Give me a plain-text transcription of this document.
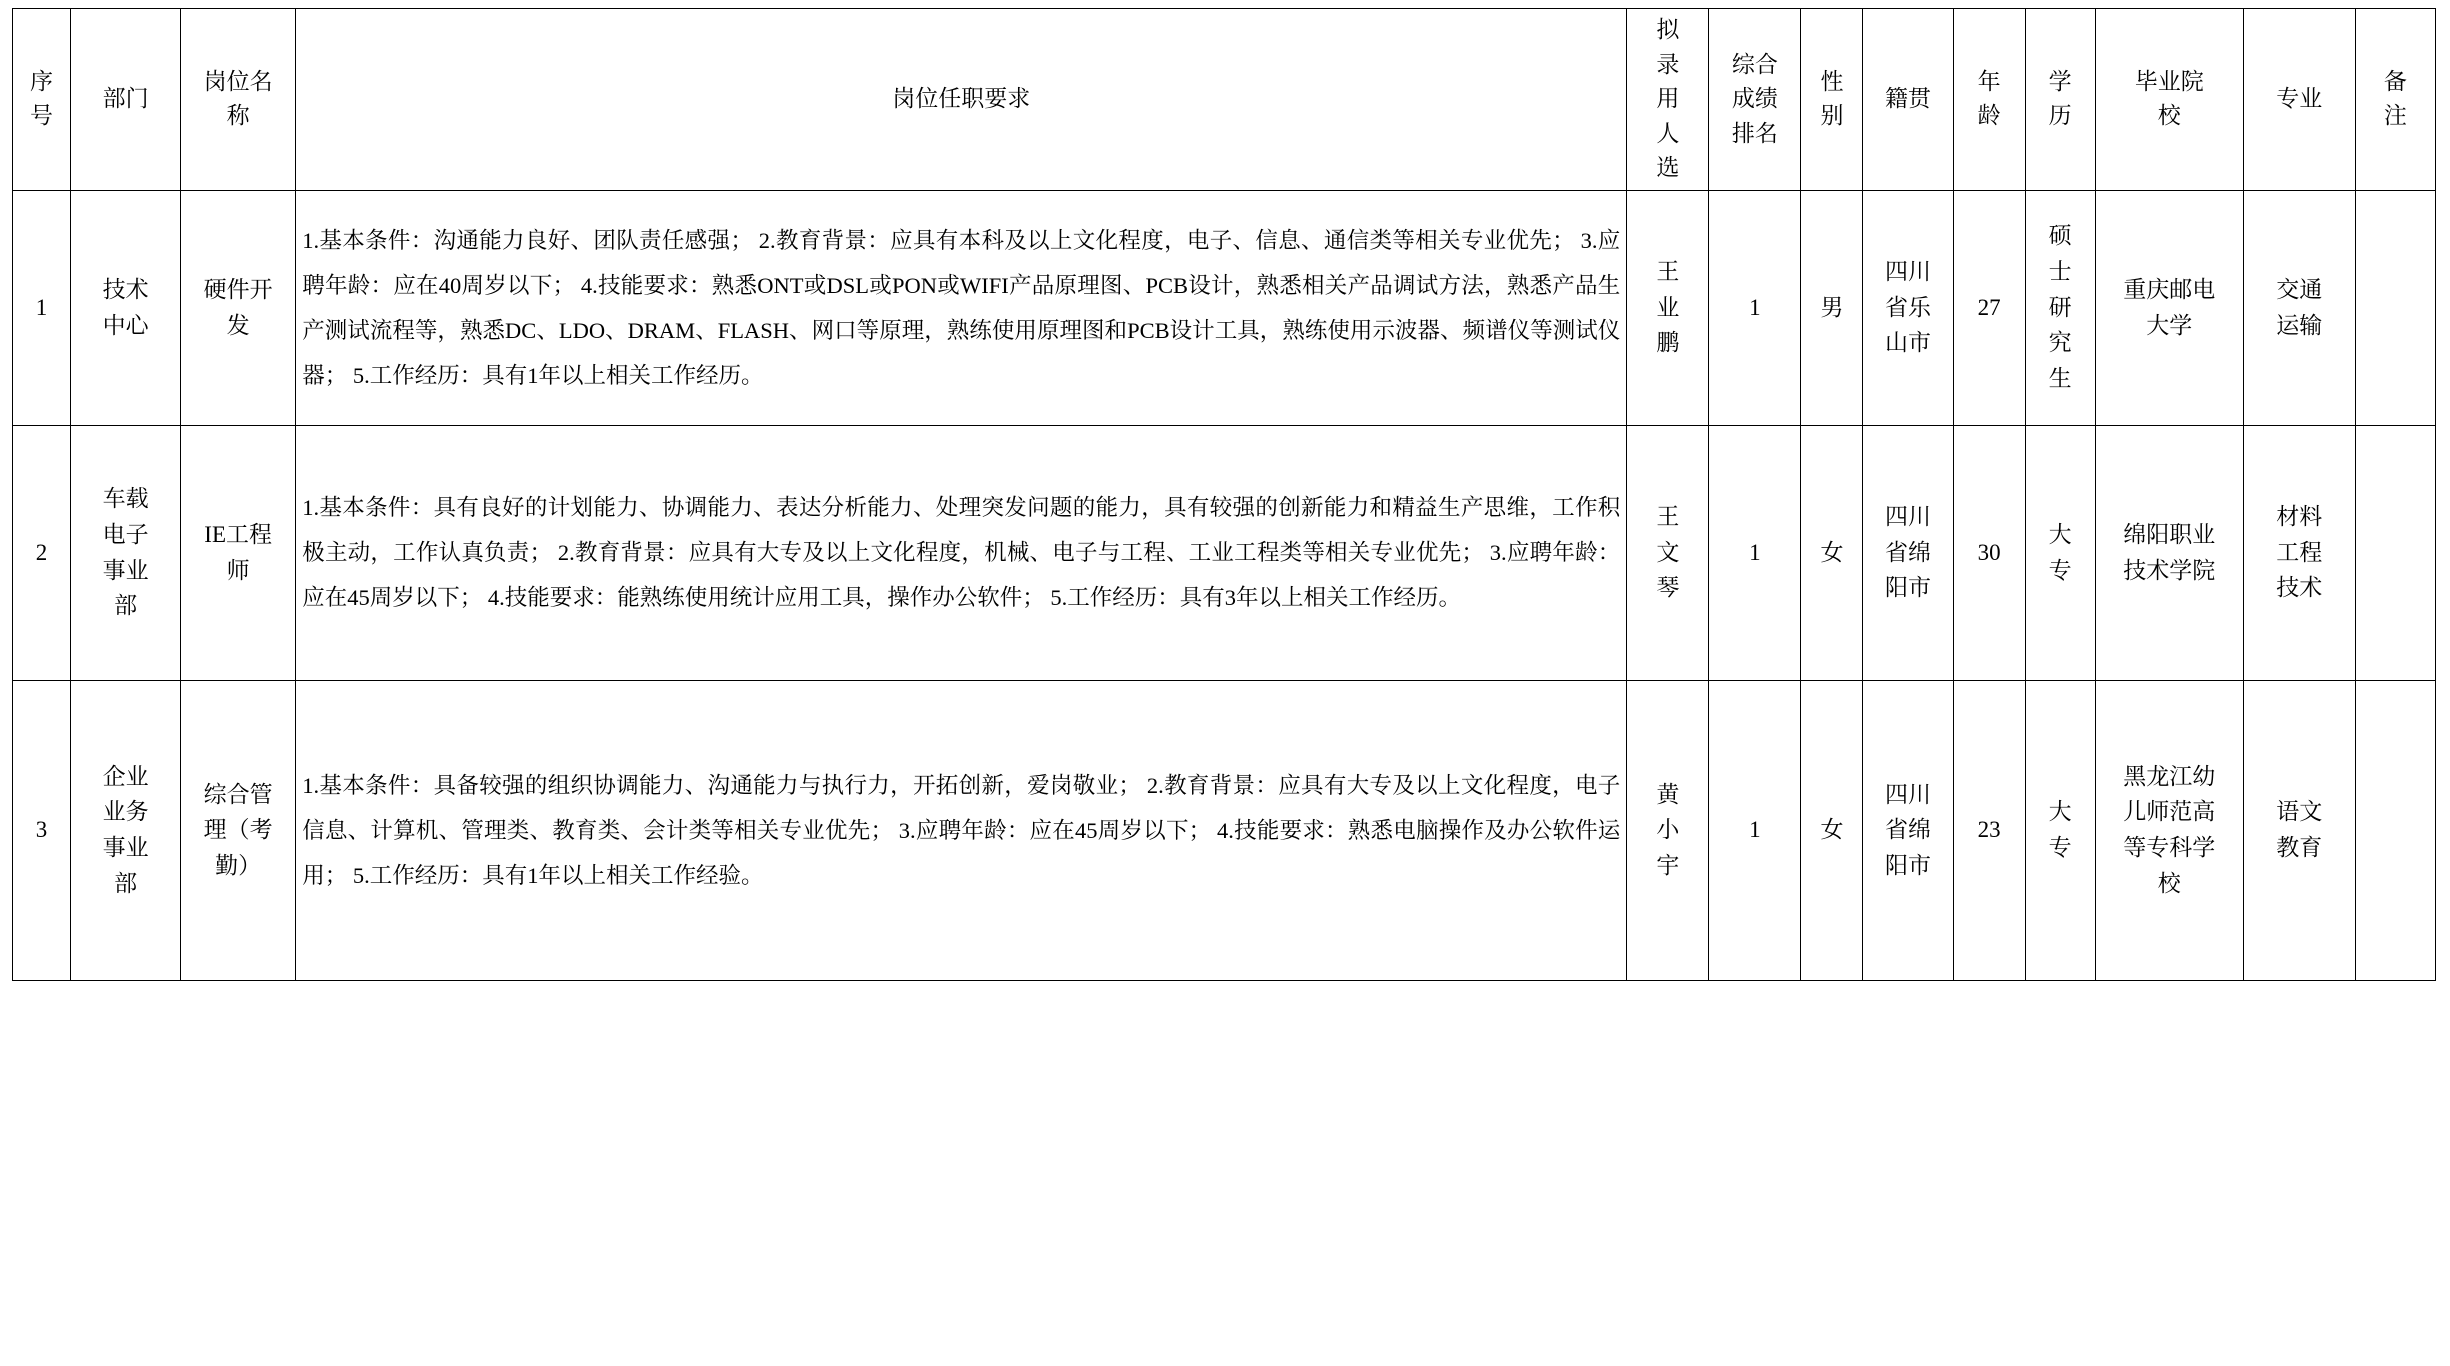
序号	部门	岗位名称	岗位任职要求	拟录用人选	综合成绩排名	性别	籍贯	年龄	学历	毕业院校	专业	备注
1	技术中心	硬件开发	1.基本条件：沟通能力良好、团队责任感强； 2.教育背景：应具有本科及以上文化程度，电子、信息、通信类等相关专业优先； 3.应聘年龄：应在40周岁以下； 4.技能要求：熟悉ONT或DSL或PON或WIFI产品原理图、PCB设计，熟悉相关产品调试方法，熟悉产品生产测试流程等，熟悉DC、LDO、DRAM、FLASH、网口等原理，熟练使用原理图和PCB设计工具，熟练使用示波器、频谱仪等测试仪器； 5.工作经历：具有1年以上相关工作经历。	王业鹏	1	男	四川省乐山市	27	硕士研究生	重庆邮电大学	交通运输	
2	车载电子事业部	IE工程师	1.基本条件：具有良好的计划能力、协调能力、表达分析能力、处理突发问题的能力，具有较强的创新能力和精益生产思维，工作积极主动，工作认真负责； 2.教育背景：应具有大专及以上文化程度，机械、电子与工程、工业工程类等相关专业优先； 3.应聘年龄：应在45周岁以下； 4.技能要求：能熟练使用统计应用工具，操作办公软件； 5.工作经历：具有3年以上相关工作经历。	王文琴	1	女	四川省绵阳市	30	大专	绵阳职业技术学院	材料工程技术	
3	企业业务事业部	综合管理（考勤）	1.基本条件：具备较强的组织协调能力、沟通能力与执行力，开拓创新，爱岗敬业； 2.教育背景：应具有大专及以上文化程度，电子信息、计算机、管理类、教育类、会计类等相关专业优先； 3.应聘年龄：应在45周岁以下； 4.技能要求：熟悉电脑操作及办公软件运用； 5.工作经历：具有1年以上相关工作经验。	黄小宇	1	女	四川省绵阳市	23	大专	黑龙江幼儿师范高等专科学校	语文教育	
